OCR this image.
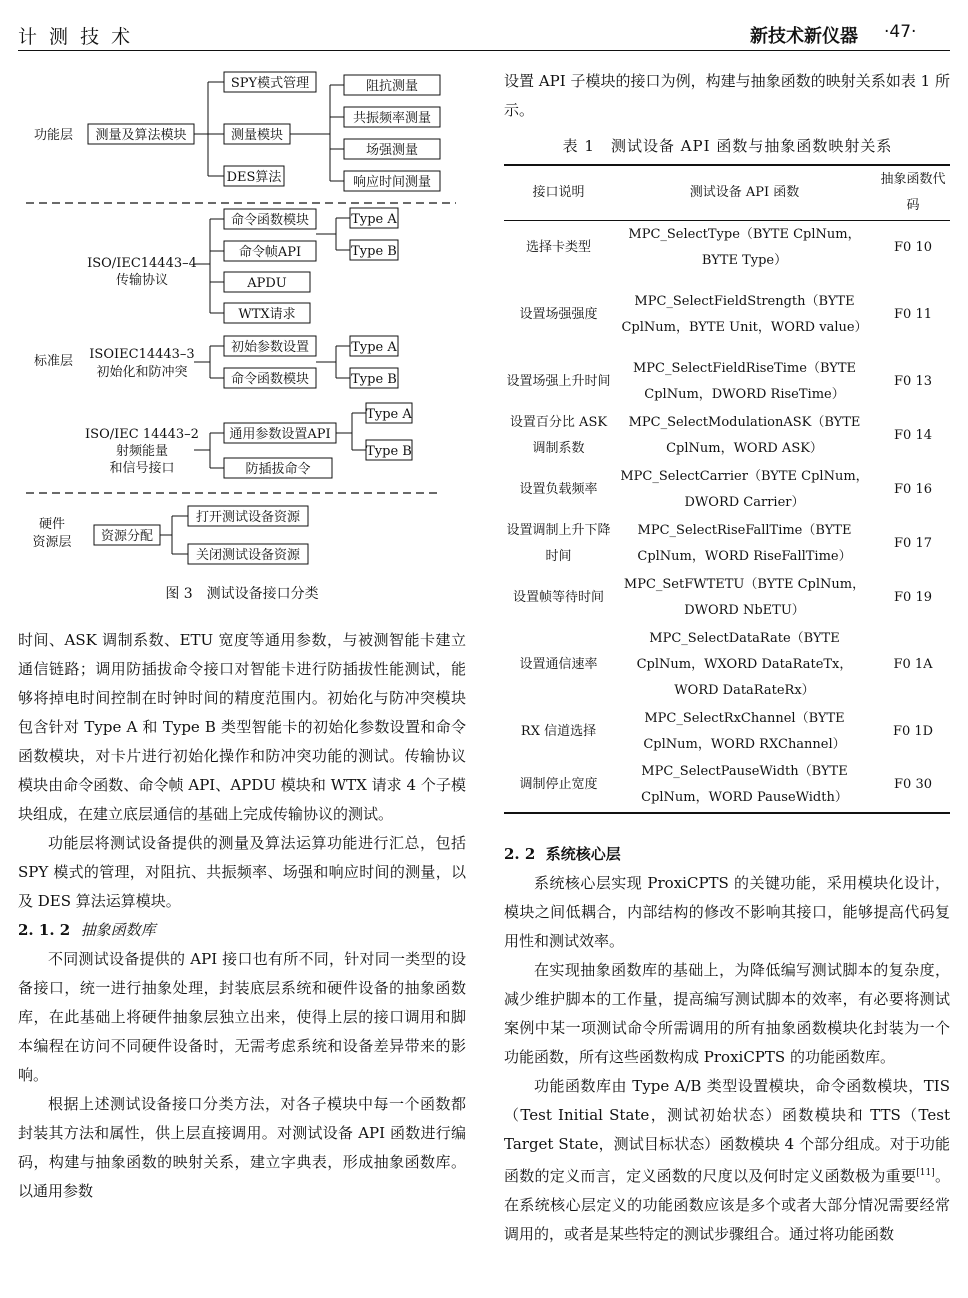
计 测 技 术	新技术新仪器 ·47·
功能层 测量及算法模块
SPY模式管理
测量模块
DES算法
阻抗测量
共振频率测量
场强测量
响应时间测量
ISO/IEC14443–4
传输协议
命令函数模块
命令帧API
APDU
WTX请求
Type A
Type B
标准层 ISOIEC14443–3
初始化和防冲突
初始参数设置
命令函数模块
Type A
Type B
ISO/IEC 14443–2
射频能量
和信号接口
通用参数设置API
防插拔命令
Type A
Type B
硬件
资源层 资源分配
打开测试设备资源
关闭测试设备资源
图 3　测试设备接口分类

时间、ASK 调制系数、ETU 宽度等通用参数，与被测智能卡建立通信链路；调用防插拔命令接口对智能卡进行防插拔性能测试，能够将掉电时间控制在时钟时间的精度范围内。初始化与防冲突模块包含针对 Type A 和 Type B 类型智能卡的初始化参数设置和命令函数模块，对卡片进行初始化操作和防冲突功能的测试。传输协议模块由命令函数、命令帧 API、APDU 模块和 WTX 请求 4 个子模块组成，在建立底层通信的基础上完成传输协议的测试。

功能层将测试设备提供的测量及算法运算功能进行汇总，包括 SPY 模式的管理，对阻抗、共振频率、场强和响应时间的测量，以及 DES 算法运算模块。

2. 1. 2 抽象函数库

不同测试设备提供的 API 接口也有所不同，针对同一类型的设备接口，统一进行抽象处理，封装底层系统和硬件设备的抽象函数库，在此基础上将硬件抽象层独立出来，使得上层的接口调用和脚本编程在访问不同硬件设备时，无需考虑系统和设备差异带来的影响。

根据上述测试设备接口分类方法，对各子模块中每一个函数都封装其方法和属性，供上层直接调用。对测试设备 API 函数进行编码，构建与抽象函数的映射关系，建立字典表，形成抽象函数库。以通用参数

设置 API 子模块的接口为例，构建与抽象函数的映射关系如表 1 所示。

表 1　测试设备 API 函数与抽象函数映射关系
接口说明	测试设备 API 函数	抽象函数代码
选择卡类型	MPC_SelectType（BYTE CplNum，BYTE Type）	F0 10
设置场强强度	MPC_SelectFieldStrength（BYTE CplNum，BYTE Unit，WORD value）	F0 11
设置场强上升时间	MPC_SelectFieldRiseTime（BYTE CplNum，DWORD RiseTime）	F0 13
设置百分比 ASK 调制系数	MPC_SelectModulationASK（BYTE CplNum，WORD ASK）	F0 14
设置负载频率	MPC_SelectCarrier（BYTE CplNum，DWORD Carrier）	F0 16
设置调制上升下降时间	MPC_SelectRiseFallTime（BYTE CplNum，WORD RiseFallTime）	F0 17
设置帧等待时间	MPC_SetFWTETU（BYTE CplNum，DWORD NbETU）	F0 19
设置通信速率	MPC_SelectDataRate（BYTE CplNum，WXORD DataRateTx，WORD DataRateRx）	F0 1A
RX 信道选择	MPC_SelectRxChannel（BYTE CplNum，WORD RXChannel）	F0 1D
调制停止宽度	MPC_SelectPauseWidth（BYTE CplNum，WORD PauseWidth）	F0 30

2. 2 系统核心层

系统核心层实现 ProxiCPTS 的关键功能，采用模块化设计，模块之间低耦合，内部结构的修改不影响其接口，能够提高代码复用性和测试效率。

在实现抽象函数库的基础上，为降低编写测试脚本的复杂度，减少维护脚本的工作量，提高编写测试脚本的效率，有必要将测试案例中某一项测试命令所需调用的所有抽象函数模块化封装为一个功能函数，所有这些函数构成 ProxiCPTS 的功能函数库。

功能函数库由 Type A/B 类型设置模块，命令函数模块，TIS（Test Initial State，测试初始状态）函数模块和 TTS（Test Target State，测试目标状态）函数模块 4 个部分组成。对于功能函数的定义而言，定义函数的尺度以及何时定义函数极为重要[11]。在系统核心层定义的功能函数应该是多个或者大部分情况需要经常调用的，或者是某些特定的测试步骤组合。通过将功能函数
